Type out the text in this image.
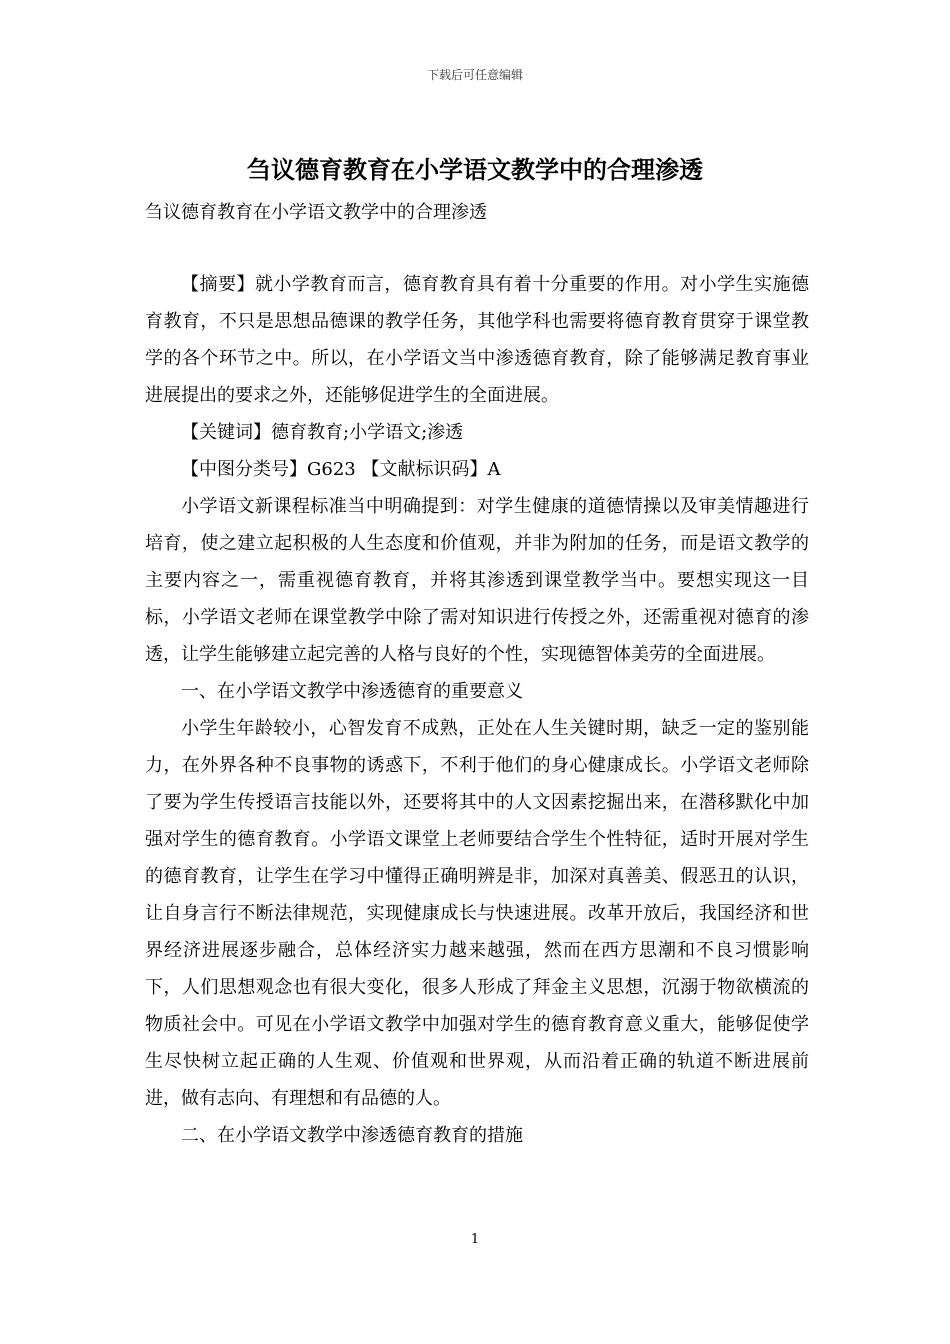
下载后可任意编辑
刍议德育教育在小学语文教学中的合理渗透

刍议德育教育在小学语文教学中的合理渗透

【摘要】就小学教育而言，德育教育具有着十分重要的作用。对小学生实施德育教育，不只是思想品德课的教学任务，其他学科也需要将德育教育贯穿于课堂教学的各个环节之中。所以，在小学语文当中渗透德育教育，除了能够满足教育事业进展提出的要求之外，还能够促进学生的全面进展。

【关键词】德育教育;小学语文;渗透

【中图分类号】G623 【文献标识码】A

小学语文新课程标准当中明确提到：对学生健康的道德情操以及审美情趣进行培育，使之建立起积极的人生态度和价值观，并非为附加的任务，而是语文教学的主要内容之一，需重视德育教育，并将其渗透到课堂教学当中。要想实现这一目标，小学语文老师在课堂教学中除了需对知识进行传授之外，还需重视对德育的渗透，让学生能够建立起完善的人格与良好的个性，实现德智体美劳的全面进展。

一、在小学语文教学中渗透德育的重要意义

小学生年龄较小，心智发育不成熟，正处在人生关键时期，缺乏一定的鉴别能力，在外界各种不良事物的诱惑下，不利于他们的身心健康成长。小学语文老师除了要为学生传授语言技能以外，还要将其中的人文因素挖掘出来，在潜移默化中加强对学生的德育教育。小学语文课堂上老师要结合学生个性特征，适时开展对学生的德育教育，让学生在学习中懂得正确明辨是非，加深对真善美、假恶丑的认识，让自身言行不断法律规范，实现健康成长与快速进展。改革开放后，我国经济和世界经济进展逐步融合，总体经济实力越来越强，然而在西方思潮和不良习惯影响下，人们思想观念也有很大变化，很多人形成了拜金主义思想，沉溺于物欲横流的物质社会中。可见在小学语文教学中加强对学生的德育教育意义重大，能够促使学生尽快树立起正确的人生观、价值观和世界观，从而沿着正确的轨道不断进展前进，做有志向、有理想和有品德的人。

二、在小学语文教学中渗透德育教育的措施

1
